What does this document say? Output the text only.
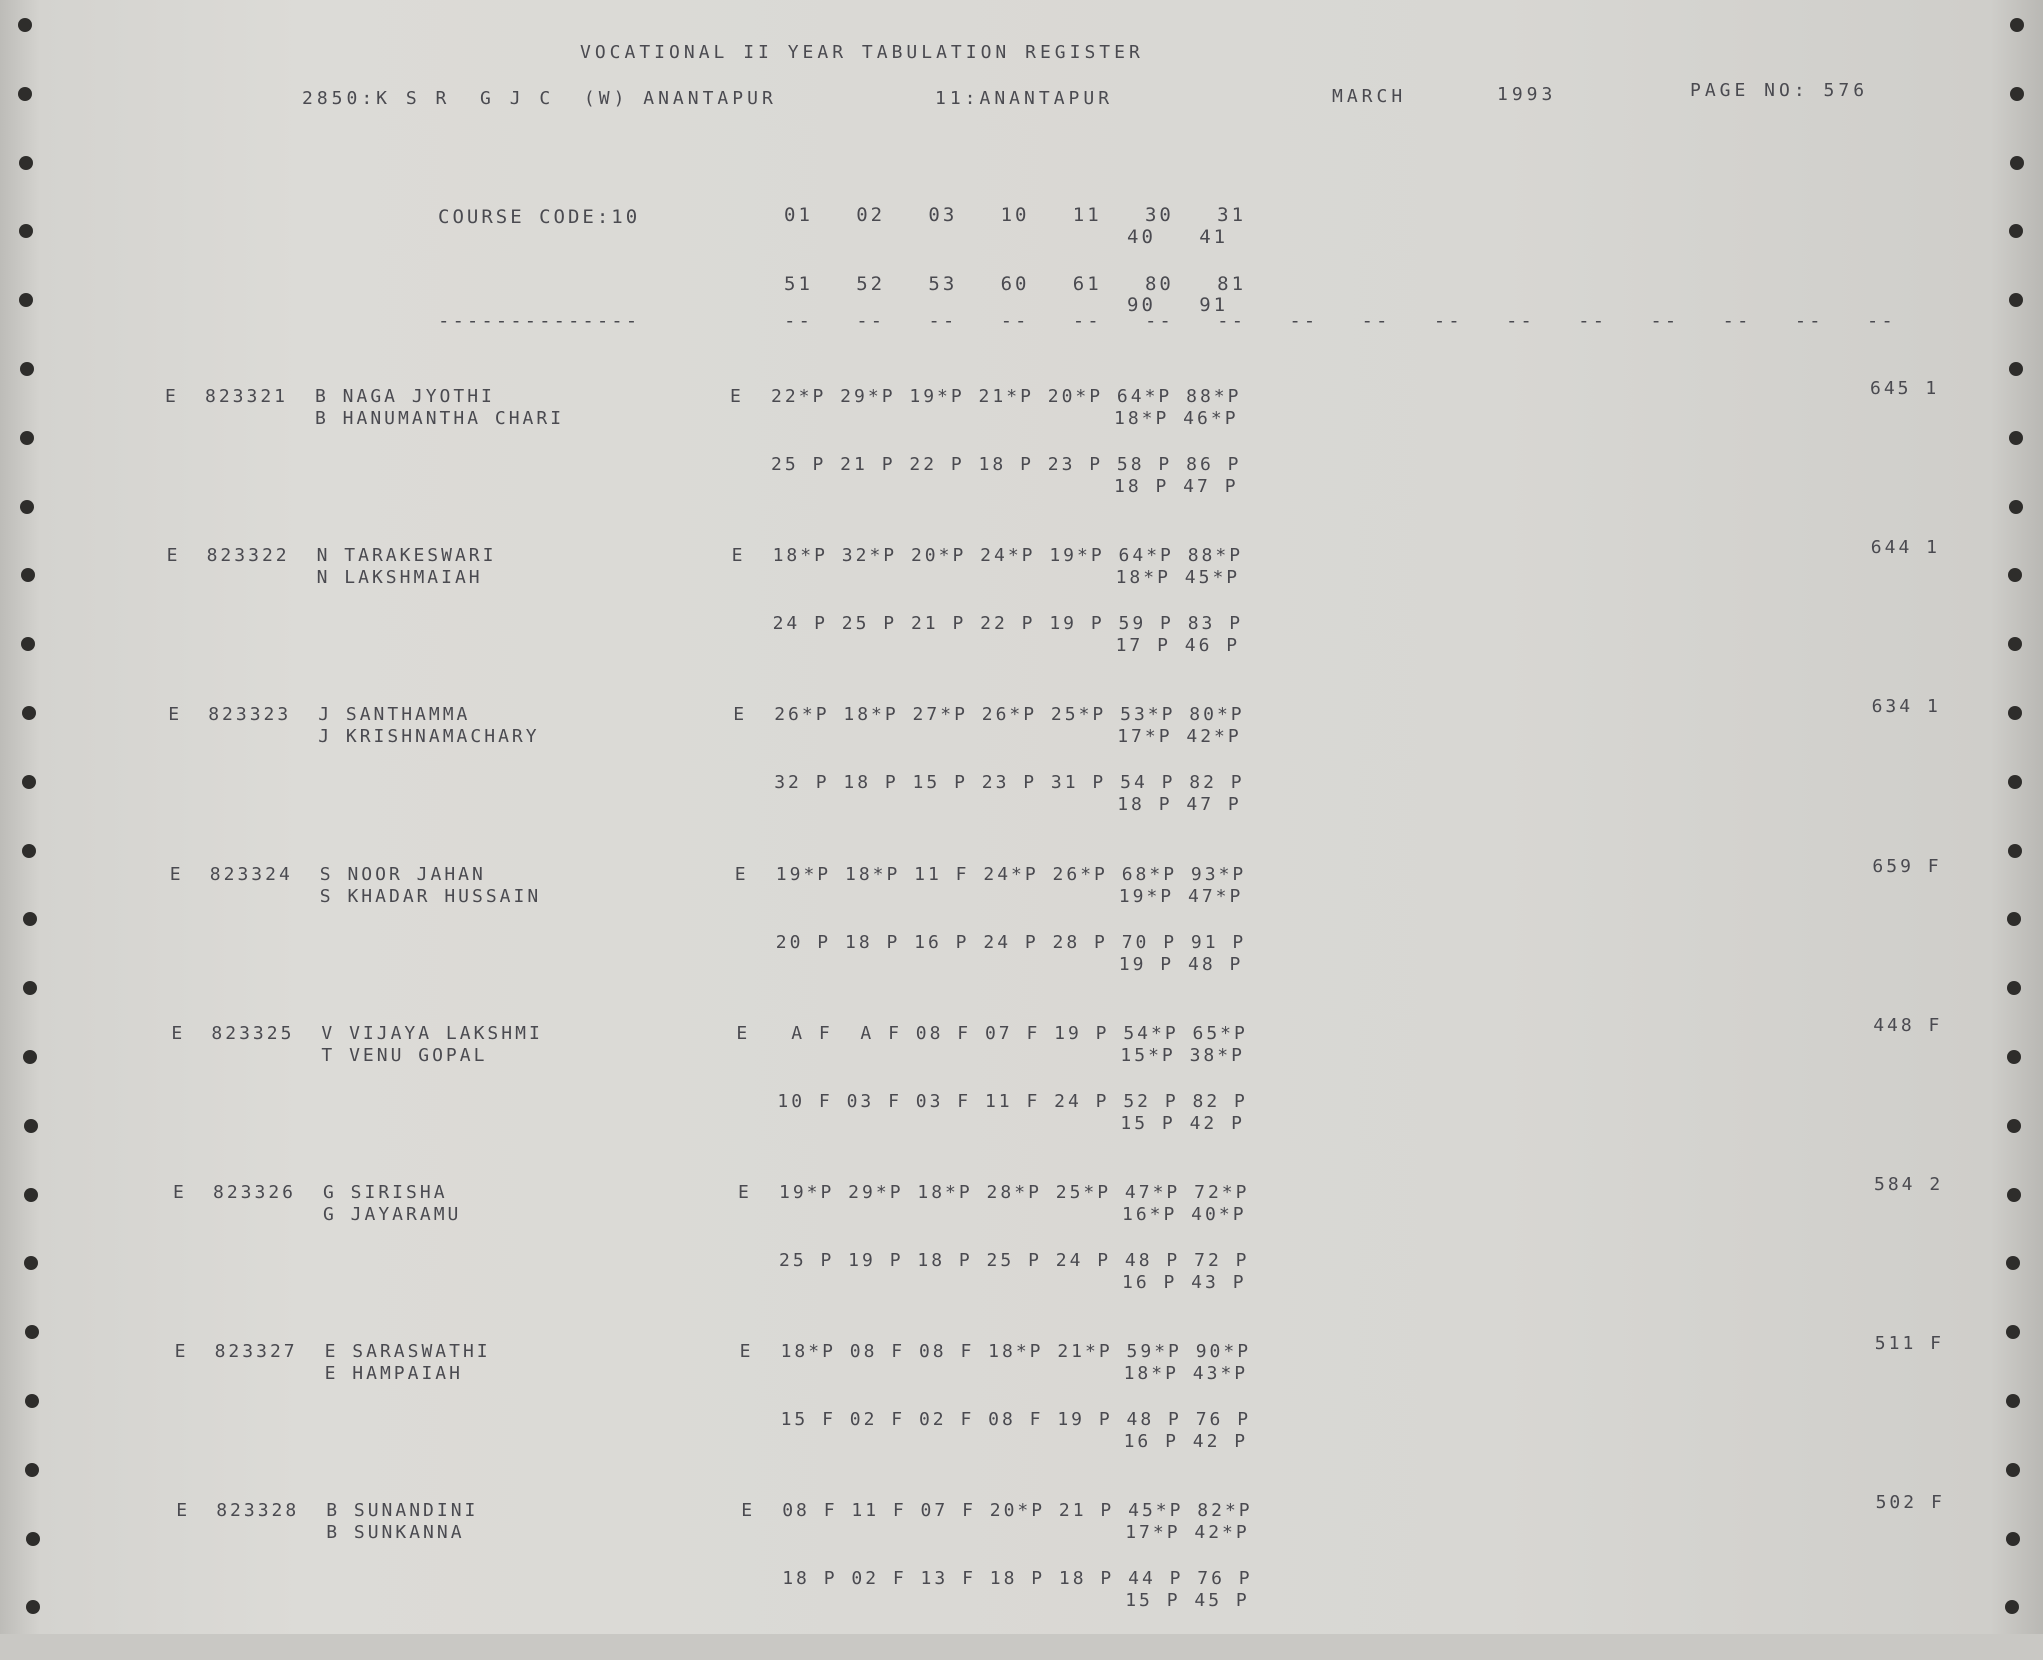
VOCATIONAL II YEAR TABULATION REGISTER
2850:K S R  G J C  (W) ANANTAPUR	11:ANANTAPUR	MARCH	1993	PAGE NO: 576
COURSE CODE:10	01   02   03   10   11   30   31
40   41
51   52   53   60   61   80   81
90   91
--------------	--   --   --   --   --   --   --   --   --   --   --   --   --   --   --   --
E 823321 B NAGA JYOTHI
B HANUMANTHA CHARI
E 22*P 29*P 19*P 21*P 20*P 64*P 88*P
18*P 46*P
25 P 21 P 22 P 18 P 23 P 58 P 86 P
18 P 47 P
645 1
E 823322 N TARAKESWARI
N LAKSHMAIAH
E 18*P 32*P 20*P 24*P 19*P 64*P 88*P
18*P 45*P
24 P 25 P 21 P 22 P 19 P 59 P 83 P
17 P 46 P
644 1
E 823323 J SANTHAMMA
J KRISHNAMACHARY
E 26*P 18*P 27*P 26*P 25*P 53*P 80*P
17*P 42*P
32 P 18 P 15 P 23 P 31 P 54 P 82 P
18 P 47 P
634 1
E 823324 S NOOR JAHAN
S KHADAR HUSSAIN
E 19*P 18*P 11 F 24*P 26*P 68*P 93*P
19*P 47*P
20 P 18 P 16 P 24 P 28 P 70 P 91 P
19 P 48 P
659 F
E 823325 V VIJAYA LAKSHMI
T VENU GOPAL
E A F  A F 08 F 07 F 19 P 54*P 65*P
15*P 38*P
10 F 03 F 03 F 11 F 24 P 52 P 82 P
15 P 42 P
448 F
E 823326 G SIRISHA
G JAYARAMU
E 19*P 29*P 18*P 28*P 25*P 47*P 72*P
16*P 40*P
25 P 19 P 18 P 25 P 24 P 48 P 72 P
16 P 43 P
584 2
E 823327 E SARASWATHI
E HAMPAIAH
E 18*P 08 F 08 F 18*P 21*P 59*P 90*P
18*P 43*P
15 F 02 F 02 F 08 F 19 P 48 P 76 P
16 P 42 P
511 F
E 823328 B SUNANDINI
B SUNKANNA
E 08 F 11 F 07 F 20*P 21 P 45*P 82*P
17*P 42*P
18 P 02 F 13 F 18 P 18 P 44 P 76 P
15 P 45 P
502 F
